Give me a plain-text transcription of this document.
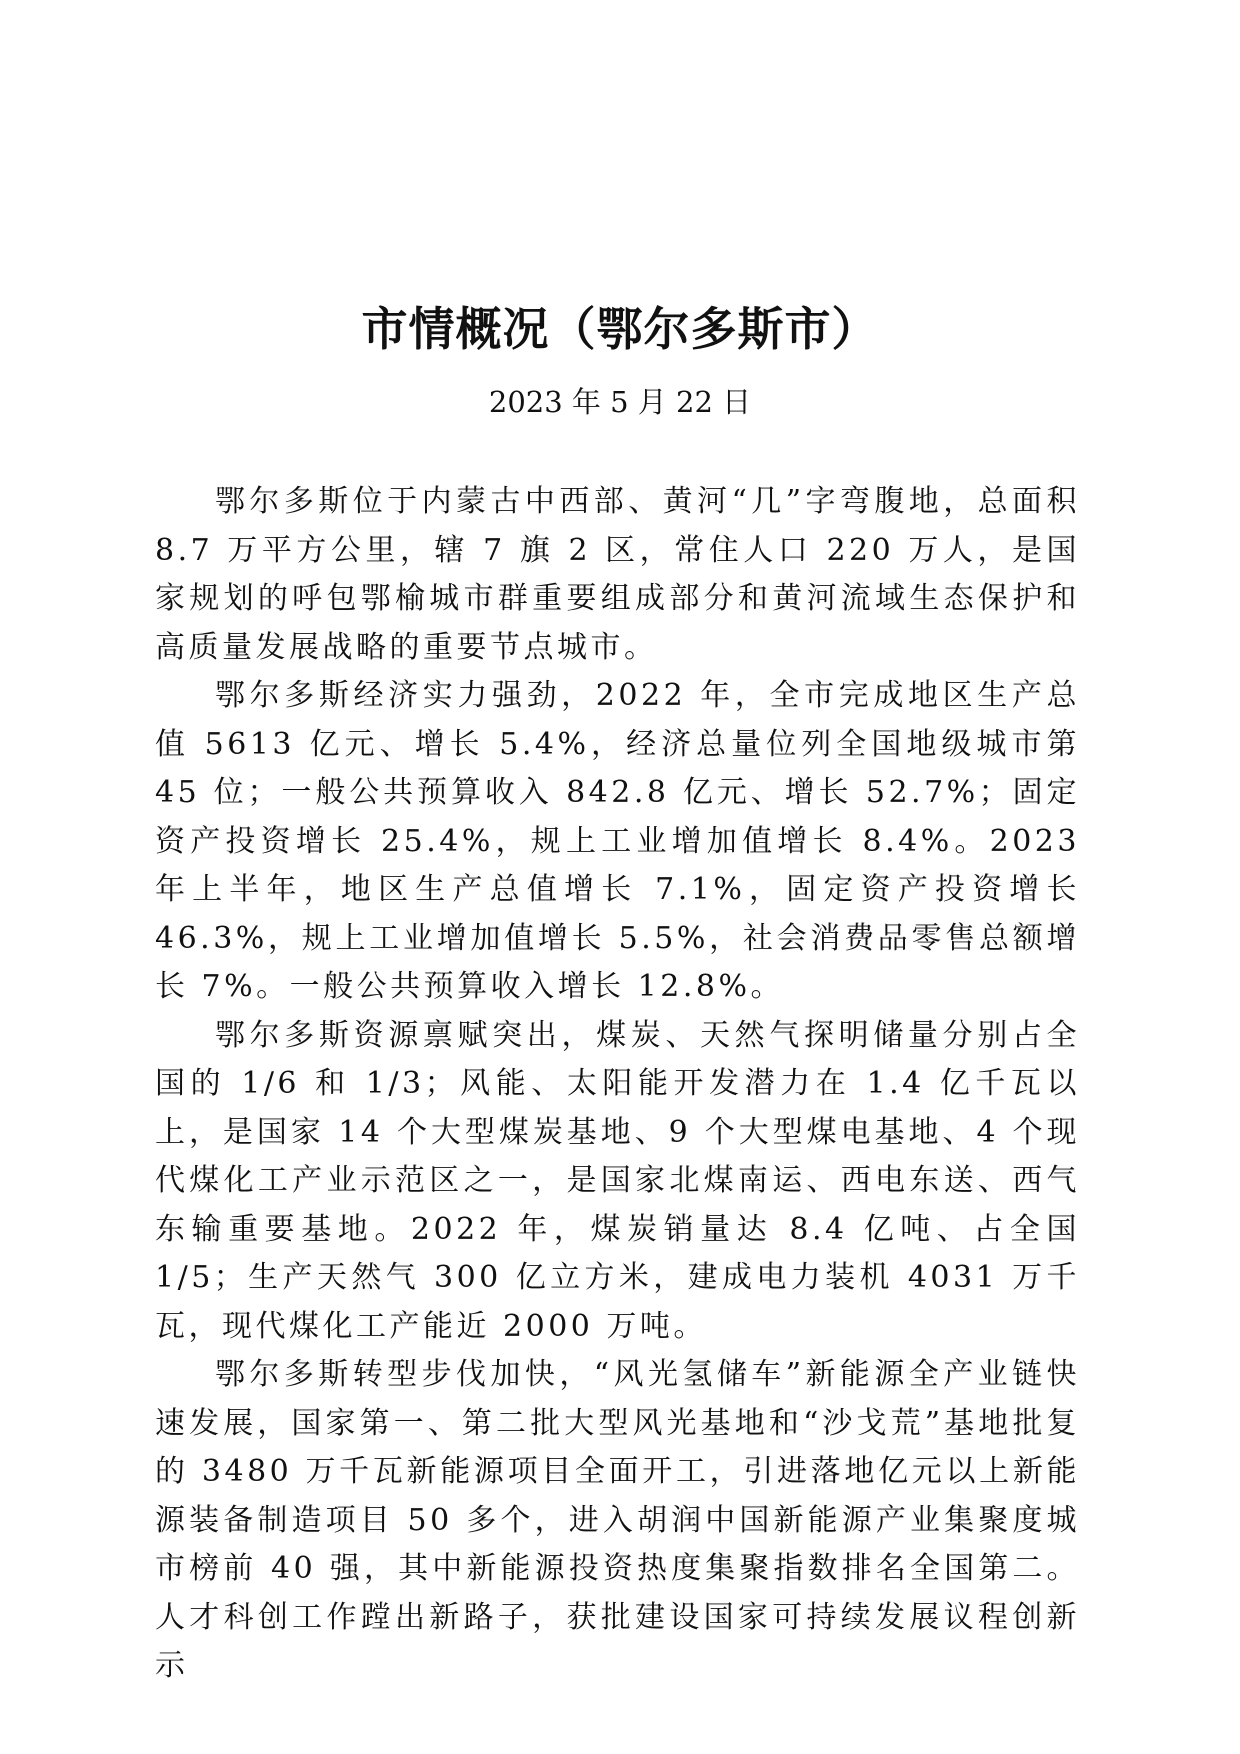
市情概况（鄂尔多斯市）
2023 年 5 月 22 日

鄂尔多斯位于内蒙古中西部、黄河“几”字弯腹地，总面积 8.7 万平方公里，辖 7 旗 2 区，常住人口 220 万人，是国家规划的呼包鄂榆城市群重要组成部分和黄河流域生态保护和高质量发展战略的重要节点城市。

鄂尔多斯经济实力强劲，2022 年，全市完成地区生产总值 5613 亿元、增长 5.4%，经济总量位列全国地级城市第 45 位；一般公共预算收入 842.8 亿元、增长 52.7%；固定资产投资增长 25.4%，规上工业增加值增长 8.4%。2023 年上半年，地区生产总值增长 7.1%，固定资产投资增长 46.3%，规上工业增加值增长 5.5%，社会消费品零售总额增长 7%。一般公共预算收入增长 12.8%。

鄂尔多斯资源禀赋突出，煤炭、天然气探明储量分别占全国的 1/6 和 1/3；风能、太阳能开发潜力在 1.4 亿千瓦以上，是国家 14 个大型煤炭基地、9 个大型煤电基地、4 个现代煤化工产业示范区之一，是国家北煤南运、西电东送、西气东输重要基地。2022 年，煤炭销量达 8.4 亿吨、占全国 1/5；生产天然气 300 亿立方米，建成电力装机 4031 万千瓦，现代煤化工产能近 2000 万吨。

鄂尔多斯转型步伐加快，“风光氢储车”新能源全产业链快速发展，国家第一、第二批大型风光基地和“沙戈荒”基地批复的 3480 万千瓦新能源项目全面开工，引进落地亿元以上新能源装备制造项目 50 多个，进入胡润中国新能源产业集聚度城市榜前 40 强，其中新能源投资热度集聚指数排名全国第二。人才科创工作蹚出新路子，获批建设国家可持续发展议程创新示
